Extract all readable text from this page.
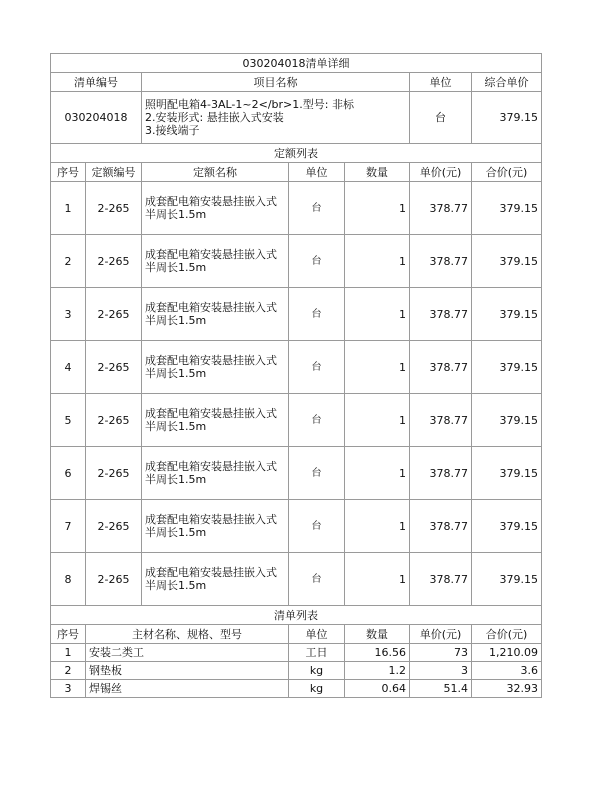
030204018清单详细						
清单编号		项目名称			单位	综合单价
030204018		照明配电箱4-3AL-1~2</br>1.型号: 非标
2.安装形式: 悬挂嵌入式安装
3.接线端子			台	379.15
定额列表						
序号	定额编号	定额名称	单位	数量	单价(元)	合价(元)
1	2-265	成套配电箱安装悬挂嵌入式
半周长1.5m	台	1	378.77	379.15
2	2-265	成套配电箱安装悬挂嵌入式
半周长1.5m	台	1	378.77	379.15
3	2-265	成套配电箱安装悬挂嵌入式
半周长1.5m	台	1	378.77	379.15
4	2-265	成套配电箱安装悬挂嵌入式
半周长1.5m	台	1	378.77	379.15
5	2-265	成套配电箱安装悬挂嵌入式
半周长1.5m	台	1	378.77	379.15
6	2-265	成套配电箱安装悬挂嵌入式
半周长1.5m	台	1	378.77	379.15
7	2-265	成套配电箱安装悬挂嵌入式
半周长1.5m	台	1	378.77	379.15
8	2-265	成套配电箱安装悬挂嵌入式
半周长1.5m	台	1	378.77	379.15
清单列表						
序号	主材名称、规格、型号		单位	数量	单价(元)	合价(元)
1	安装二类工		工日	16.56	73	1,210.09
2	钢垫板		kg	1.2	3	3.6
3	焊锡丝		kg	0.64	51.4	32.93
